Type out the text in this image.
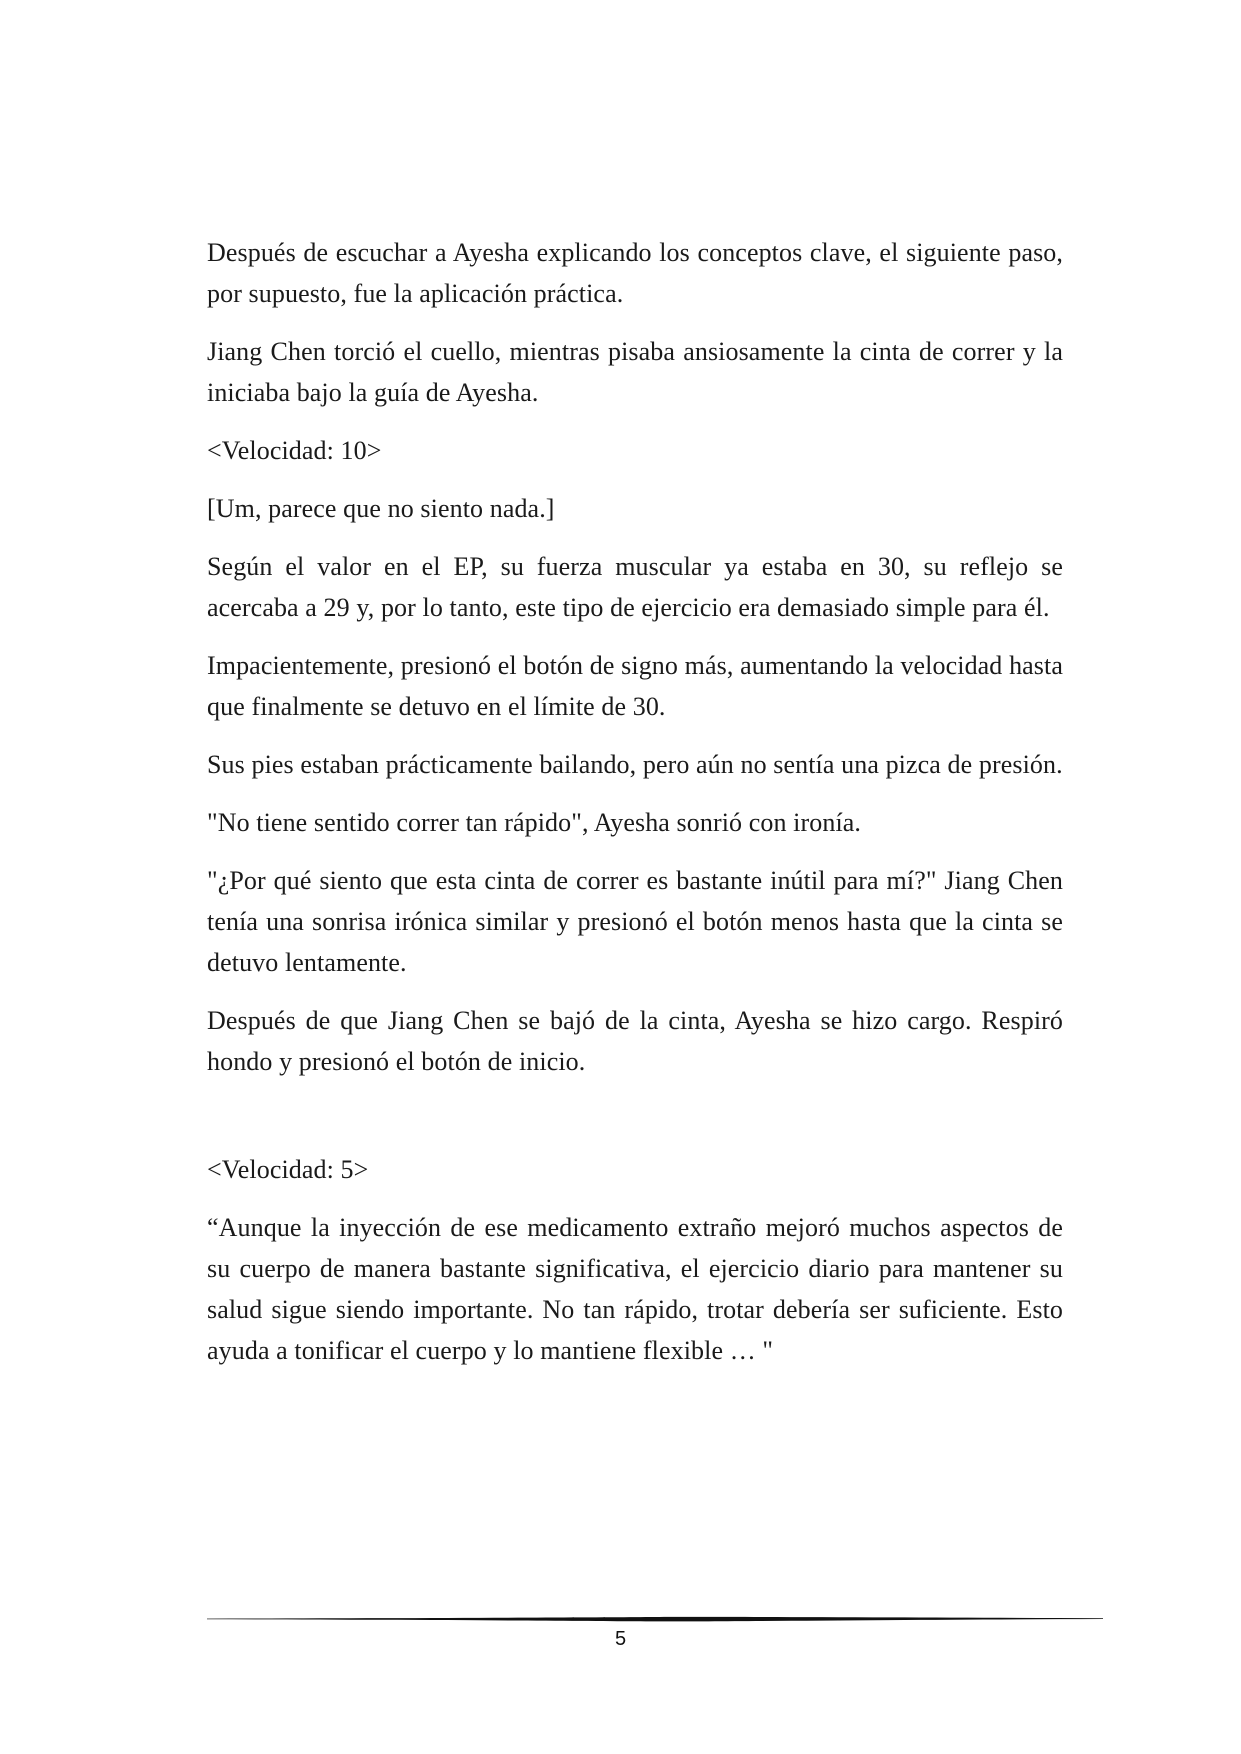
Después de escuchar a Ayesha explicando los conceptos clave, el siguiente paso, por supuesto, fue la aplicación práctica.

Jiang Chen torció el cuello, mientras pisaba ansiosamente la cinta de correr y la iniciaba bajo la guía de Ayesha.

<Velocidad: 10>

[Um, parece que no siento nada.]

Según el valor en el EP, su fuerza muscular ya estaba en 30, su reflejo se acercaba a 29 y, por lo tanto, este tipo de ejercicio era demasiado simple para él.

Impacientemente, presionó el botón de signo más, aumentando la velocidad hasta que finalmente se detuvo en el límite de 30.

Sus pies estaban prácticamente bailando, pero aún no sentía una pizca de presión.

"No tiene sentido correr tan rápido", Ayesha sonrió con ironía.

"¿Por qué siento que esta cinta de correr es bastante inútil para mí?" Jiang Chen tenía una sonrisa irónica similar y presionó el botón menos hasta que la cinta se detuvo lentamente.

Después de que Jiang Chen se bajó de la cinta, Ayesha se hizo cargo. Respiró hondo y presionó el botón de inicio.

<Velocidad: 5>

“Aunque la inyección de ese medicamento extraño mejoró muchos aspectos de su cuerpo de manera bastante significativa, el ejercicio diario para mantener su salud sigue siendo importante. No tan rápido, trotar debería ser suficiente. Esto ayuda a tonificar el cuerpo y lo mantiene flexible … "

5
